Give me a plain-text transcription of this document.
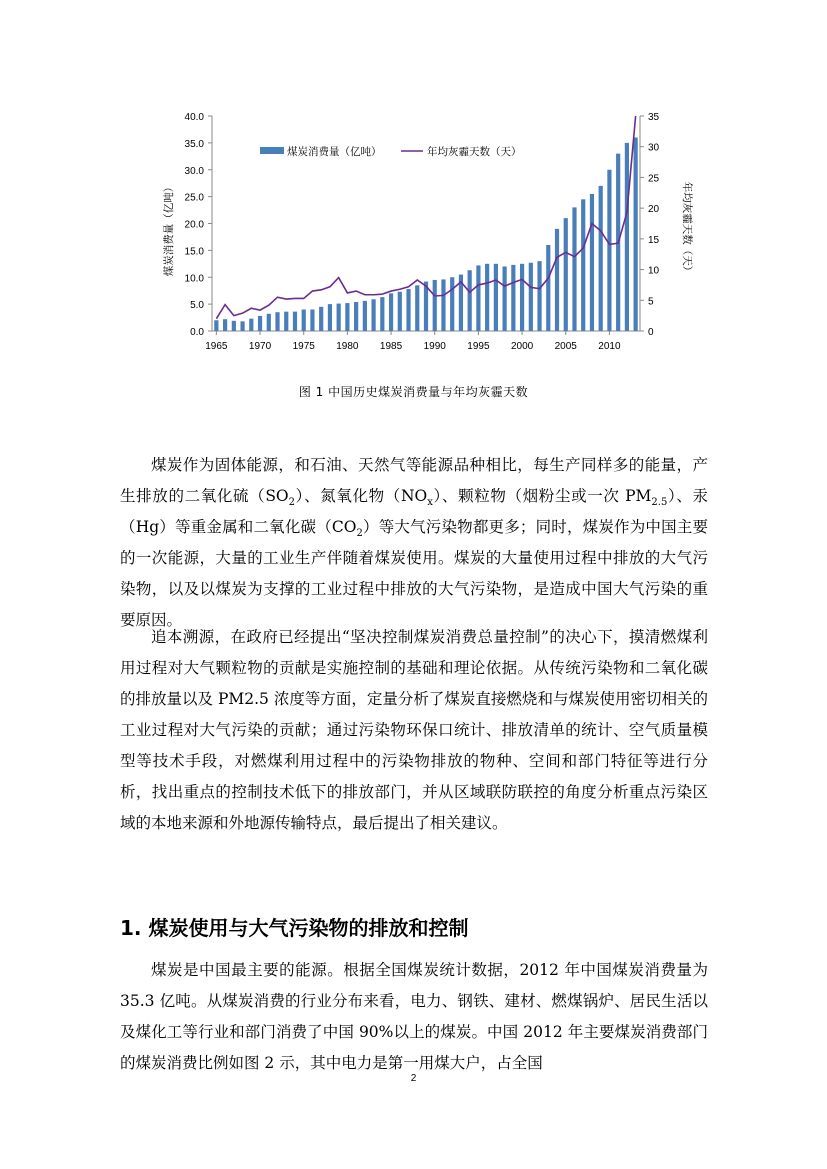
0.0
5.0
10.0
15.0
20.0
25.0
30.0
35.0
40.0
0
5
10
15
20
25
30
35
1965 1970 1975 1980 1985 1990 1995 2000 2005 2010
煤炭消费量（亿吨）	年均灰霾天数（天）
煤炭消费量（亿吨）	年均灰霾天数（天）
图 1 中国历史煤炭消费量与年均灰霾天数

煤炭作为固体能源，和石油、天然气等能源品种相比，每生产同样多的能量，产生排放的二氧化硫$(SO_2)$、氮氧化物$(NO_x)$、颗粒物（烟粉尘或一次 $PM_{2.5}$）、汞（Hg）等重金属和二氧化碳$(CO_2)$等大气污染物都更多；同时，煤炭作为中国主要的一次能源，大量的工业生产伴随着煤炭使用。煤炭的大量使用过程中排放的大气污染物，以及以煤炭为支撑的工业过程中排放的大气污染物，是造成中国大气污染的重要原因。

追本溯源，在政府已经提出“坚决控制煤炭消费总量控制”的决心下，摸清燃煤利用过程对大气颗粒物的贡献是实施控制的基础和理论依据。从传统污染物和二氧化碳的排放量以及 PM2.5 浓度等方面，定量分析了煤炭直接燃烧和与煤炭使用密切相关的工业过程对大气污染的贡献；通过污染物环保口统计、排放清单的统计、空气质量模型等技术手段，对燃煤利用过程中的污染物排放的物种、空间和部门特征等进行分析，找出重点的控制技术低下的排放部门，并从区域联防联控的角度分析重点污染区域的本地来源和外地源传输特点，最后提出了相关建议。

1. 煤炭使用与大气污染物的排放和控制

煤炭是中国最主要的能源。根据全国煤炭统计数据，2012 年中国煤炭消费量为 35.3 亿吨。从煤炭消费的行业分布来看，电力、钢铁、建材、燃煤锅炉、居民生活以及煤化工等行业和部门消费了中国 90%以上的煤炭。中国 2012 年主要煤炭消费部门的煤炭消费比例如图 2 示，其中电力是第一用煤大户，占全国

2
